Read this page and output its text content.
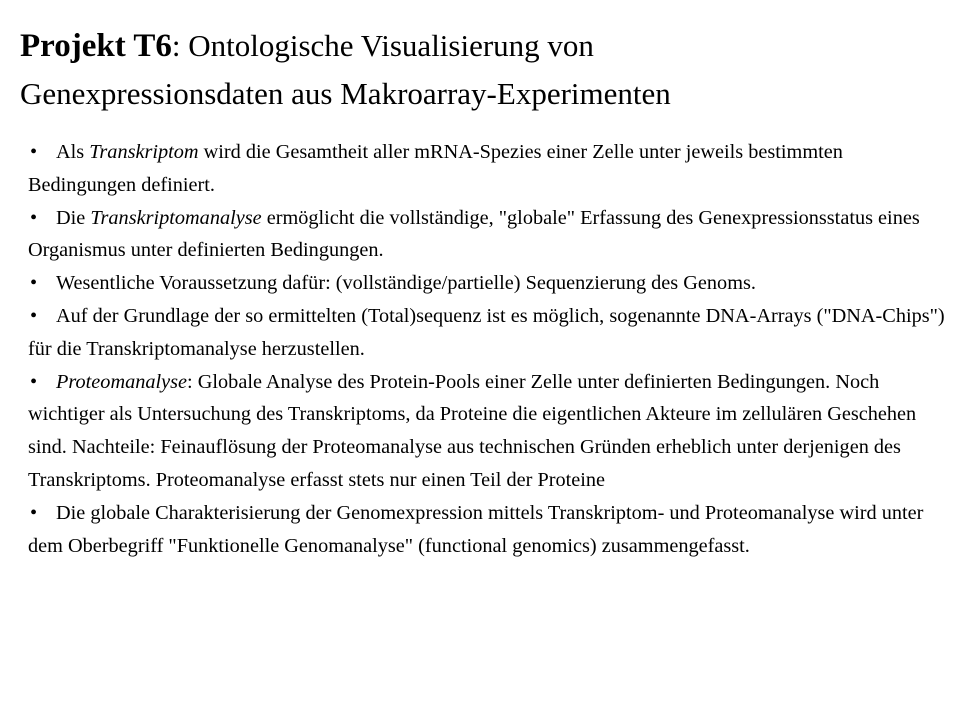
Projekt T6: Ontologische Visualisierung von
Genexpressionsdaten aus Makroarray-Experimenten

• Als Transkriptom wird die Gesamtheit aller mRNA-Spezies einer Zelle unter jeweils bestimmten Bedingungen definiert.

• Die Transkriptomanalyse ermöglicht die vollständige, "globale" Erfassung des Genexpressionsstatus eines Organismus unter definierten Bedingungen.

• Wesentliche Voraussetzung dafür: (vollständige/partielle) Sequenzierung des Genoms.

• Auf der Grundlage der so ermittelten (Total)sequenz ist es möglich, sogenannte DNA-Arrays ("DNA-Chips") für die Transkriptomanalyse herzustellen.

• Proteomanalyse: Globale Analyse des Protein-Pools einer Zelle unter definierten Bedingungen. Noch wichtiger als Untersuchung des Transkriptoms, da Proteine die eigentlichen Akteure im zellulären Geschehen sind. Nachteile: Feinauflösung der Proteomanalyse aus technischen Gründen erheblich unter derjenigen des Transkriptoms. Proteomanalyse erfasst stets nur einen Teil der Proteine

• Die globale Charakterisierung der Genomexpression mittels Transkriptom- und Proteomanalyse wird unter dem Oberbegriff "Funktionelle Genomanalyse" (functional genomics) zusammengefasst.
